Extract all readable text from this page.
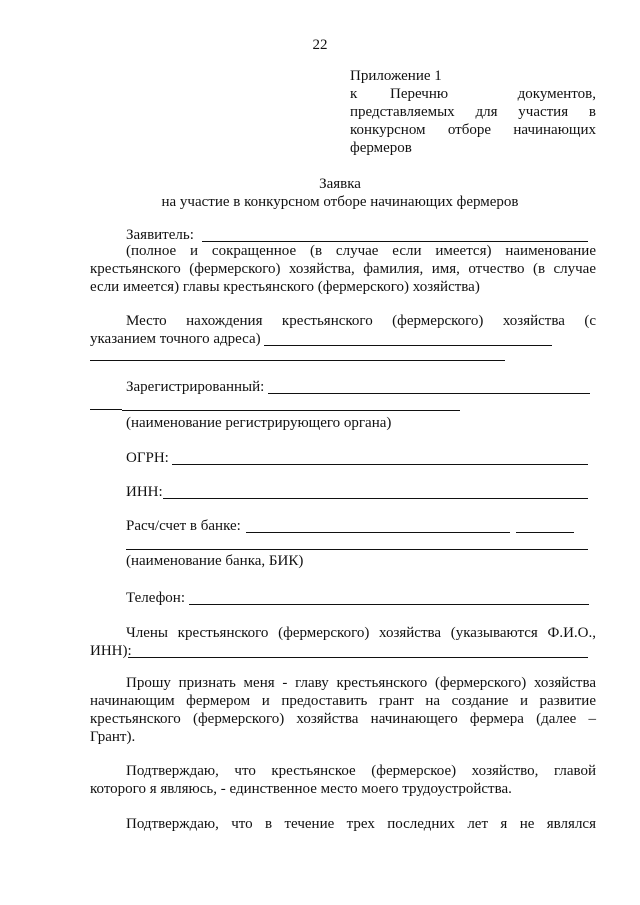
22
Приложение 1
к Перечню документов,
представляемых для участия в
конкурсном отборе начинающих
фермеров
Заявка
на участие в конкурсном отборе начинающих фермеров
Заявитель:
(полное и сокращенное (в случае если имеется) наименование
крестьянского (фермерского) хозяйства, фамилия, имя, отчество (в случае
если имеется) главы крестьянского (фермерского) хозяйства)
Место нахождения крестьянского (фермерского) хозяйства (с
указанием точного адреса)
Зарегистрированный:
(наименование регистрирующего органа)
ОГРН:
ИНН:
Расч/счет в банке:
(наименование банка, БИК)
Телефон:
Члены крестьянского (фермерского) хозяйства (указываются Ф.И.О.,
ИНН):
Прошу признать меня - главу крестьянского (фермерского) хозяйства
начинающим фермером и предоставить грант на создание и развитие
крестьянского (фермерского) хозяйства начинающего фермера (далее –
Грант).
Подтверждаю, что крестьянское (фермерское) хозяйство, главой
которого я являюсь, - единственное место моего трудоустройства.
Подтверждаю, что в течение трех последних лет я не являлся
